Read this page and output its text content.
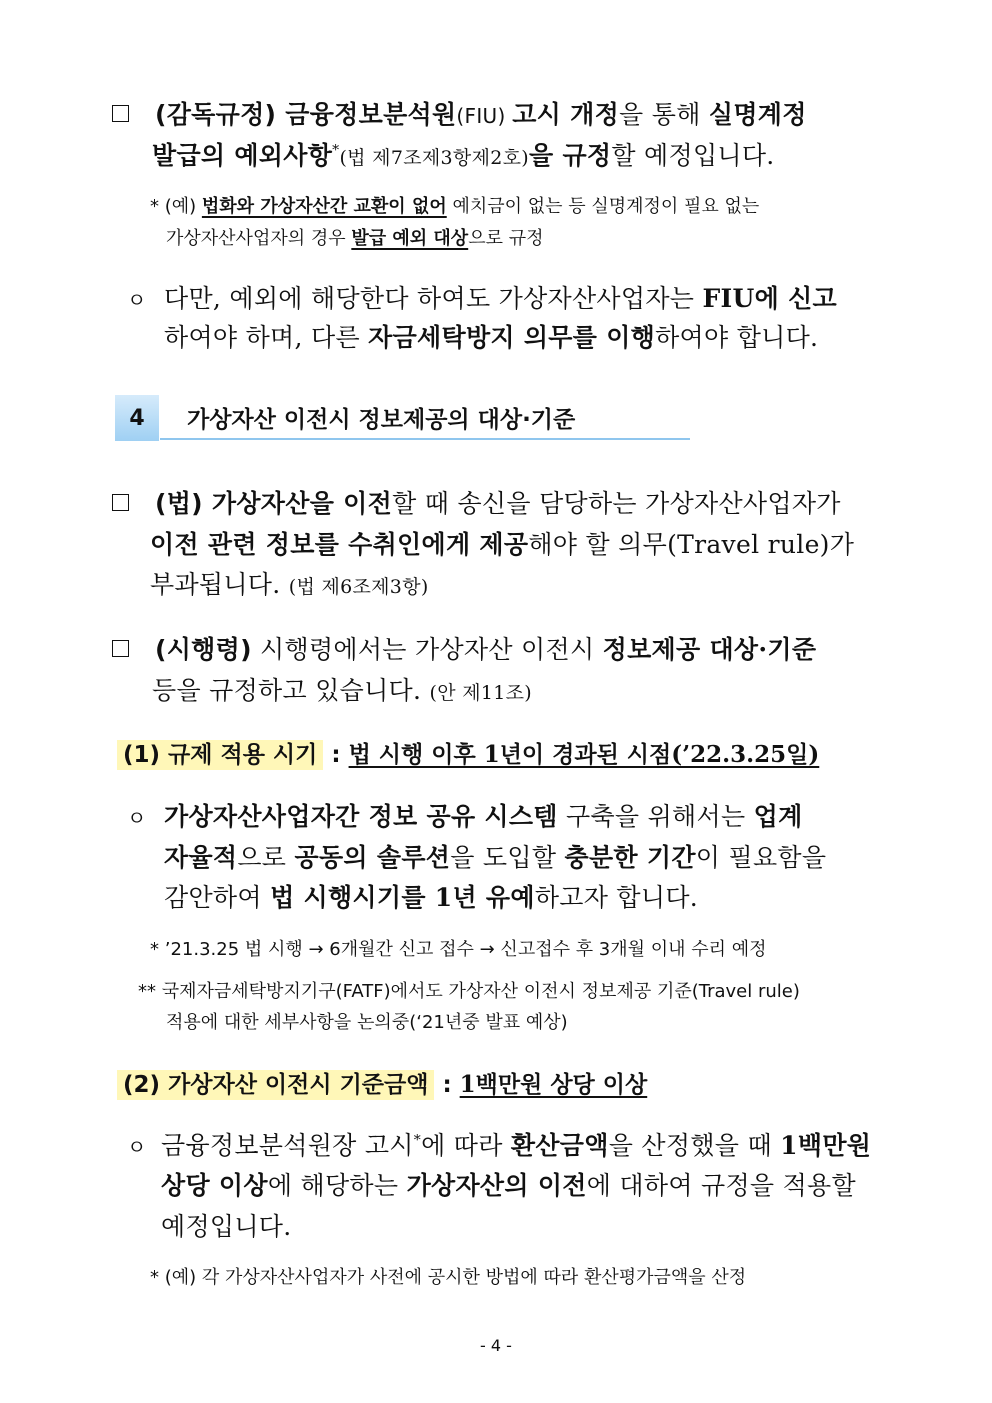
(감독규정) 금융정보분석원(FIU) 고시 개정을 통해 실명계정
발급의 예외사항*(법 제7조제3항제2호)을 규정할 예정입니다.
* (예) 법화와 가상자산간 교환이 없어 예치금이 없는 등 실명계정이 필요 없는
가상자산사업자의 경우 발급 예외 대상으로 규정
ㅇ 다만, 예외에 해당한다 하여도 가상자산사업자는 FIU에 신고
하여야 하며, 다른 자금세탁방지 의무를 이행하여야 합니다.
4	가상자산 이전시 정보제공의 대상·기준
(법) 가상자산을 이전할 때 송신을 담당하는 가상자산사업자가
이전 관련 정보를 수취인에게 제공해야 할 의무(Travel rule)가
부과됩니다. (법 제6조제3항)
(시행령) 시행령에서는 가상자산 이전시 정보제공 대상·기준
등을 규정하고 있습니다. (안 제11조)
(1) 규제 적용 시기 : 법 시행 이후 1년이 경과된 시점(’22.3.25일)
ㅇ 가상자산사업자간 정보 공유 시스템 구축을 위해서는 업계
자율적으로 공동의 솔루션을 도입할 충분한 기간이 필요함을
감안하여 법 시행시기를 1년 유예하고자 합니다.
* ’21.3.25 법 시행 → 6개월간 신고 접수 → 신고접수 후 3개월 이내 수리 예정
** 국제자금세탁방지기구(FATF)에서도 가상자산 이전시 정보제공 기준(Travel rule)
적용에 대한 세부사항을 논의중(‘21년중 발표 예상)
(2) 가상자산 이전시 기준금액 : 1백만원 상당 이상
ㅇ 금융정보분석원장 고시*에 따라 환산금액을 산정했을 때 1백만원
상당 이상에 해당하는 가상자산의 이전에 대하여 규정을 적용할
예정입니다.
* (예) 각 가상자산사업자가 사전에 공시한 방법에 따라 환산평가금액을 산정
- 4 -
